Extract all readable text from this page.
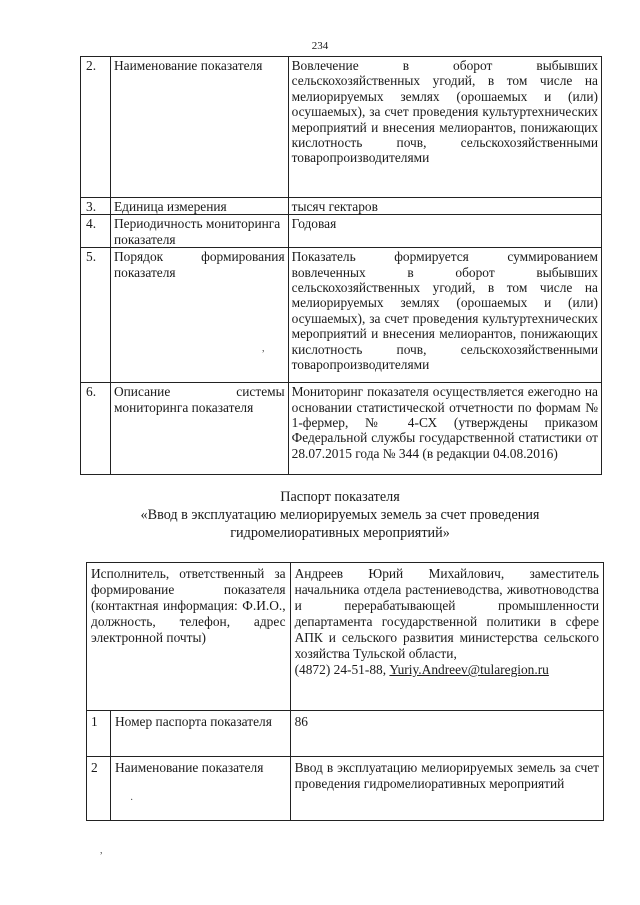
234
2.	Наименование показателя	Вовлечение в оборот выбывших сельскохозяйственных угодий, в том числе на мелиорируемых землях (орошаемых и (или) осушаемых), за счет проведения культуртехнических мероприятий и внесения мелиорантов, понижающих кислотность почв, сельскохозяйственными товаропроизводителями
3.	Единица измерения	тысяч гектаров
4.	Периодичность мониторинга показателя	Годовая
5.	Порядок формирования показателя	Показатель формируется суммированием вовлеченных в оборот выбывших сельскохозяйственных угодий, в том числе на мелиорируемых землях (орошаемых и (или) осушаемых), за счет проведения культуртехнических мероприятий и внесения мелиорантов, понижающих кислотность почв, сельскохозяйственными товаропроизводителями
6.	Описание системы мониторинга показателя	Мониторинг показателя осуществляется ежегодно на основании статистической отчетности по формам № 1-фермер, № 4-СХ (утверждены приказом Федеральной службы государственной статистики от 28.07.2015 года № 344 (в редакции 04.08.2016)
Паспорт показателя
«Ввод в эксплуатацию мелиорируемых земель за счет проведения
гидромелиоративных мероприятий»
Исполнитель, ответственный за формирование показателя (контактная информация: Ф.И.О., должность, телефон, адрес электронной почты)		Андреев Юрий Михайлович, заместитель начальника отдела растениеводства, животноводства и перерабатывающей промышленности департамента государственной политики в сфере АПК и сельского развития министерства сельского хозяйства Тульской области,
(4872) 24-51-88, Yuriy.Andreev@tularegion.ru
1	Номер паспорта показателя	86
2	Наименование показателя	Ввод в эксплуатацию мелиорируемых земель за счет проведения гидромелиоративных мероприятий
,
·
,
